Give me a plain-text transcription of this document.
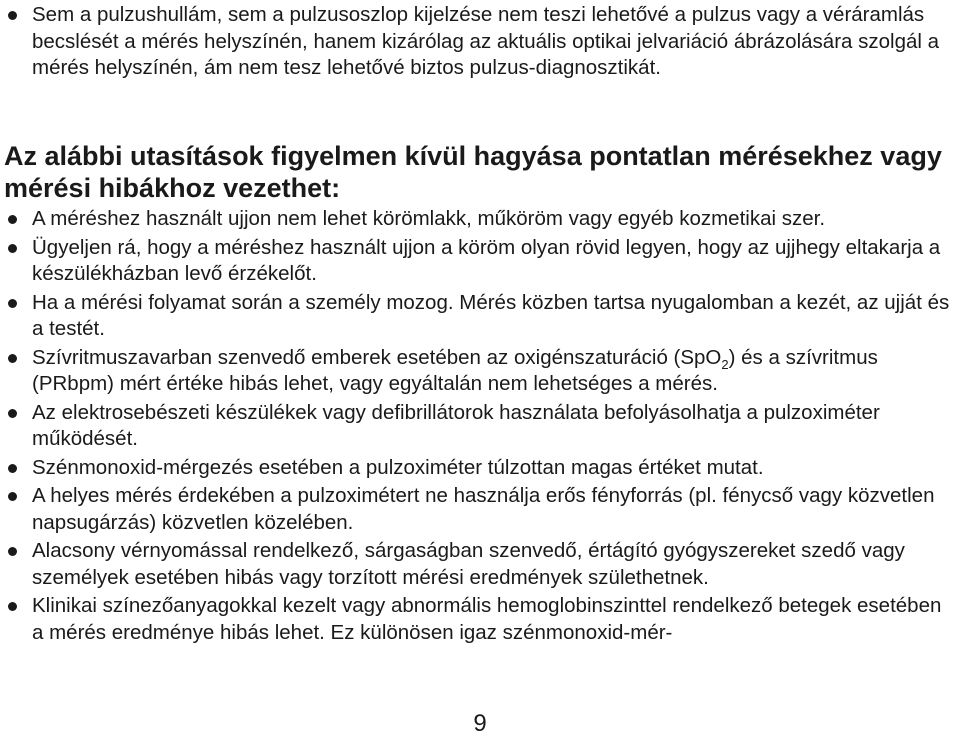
Sem a pulzushullám, sem a pulzusoszlop kijelzése nem teszi lehetővé a pulzus vagy a véráramlás becslését a mérés helyszínén, hanem kizárólag az aktuális optikai jelvariáció ábrázolására szolgál a mérés helyszínén, ám nem tesz lehetővé biztos pulzus-diagnosztikát.
Az alábbi utasítások figyelmen kívül hagyása pontatlan mérésekhez vagy mérési hibákhoz vezethet:
A méréshez használt ujjon nem lehet körömlakk, műköröm vagy egyéb kozmetikai szer.
Ügyeljen rá, hogy a méréshez használt ujjon a köröm olyan rövid legyen, hogy az ujjhegy eltakarja a készülékházban levő érzékelőt.
Ha a mérési folyamat során a személy mozog. Mérés közben tartsa nyugalomban a kezét, az ujját és a testét.
Szívritmuszavarban szenvedő emberek esetében az oxigénszaturáció (SpO$_2$) és a szívritmus (PRbpm) mért értéke hibás lehet, vagy egyáltalán nem lehetséges a mérés.
Az elektrosebészeti készülékek vagy defibrillátorok használata befolyásolhatja a pulzoximéter működését.
Szénmonoxid-mérgezés esetében a pulzoximéter túlzottan magas értéket mutat.
A helyes mérés érdekében a pulzoximétert ne használja erős fényforrás (pl. fénycső vagy közvetlen napsugárzás) közvetlen közelében.
Alacsony vérnyomással rendelkező, sárgaságban szenvedő, értágító gyógyszereket szedő vagy személyek esetében hibás vagy torzított mérési eredmények születhetnek.
Klinikai színezőanyagokkal kezelt vagy abnormális hemoglobinszinttel rendelkező betegek esetében a mérés eredménye hibás lehet. Ez különösen igaz szénmonoxid-mér-
9
